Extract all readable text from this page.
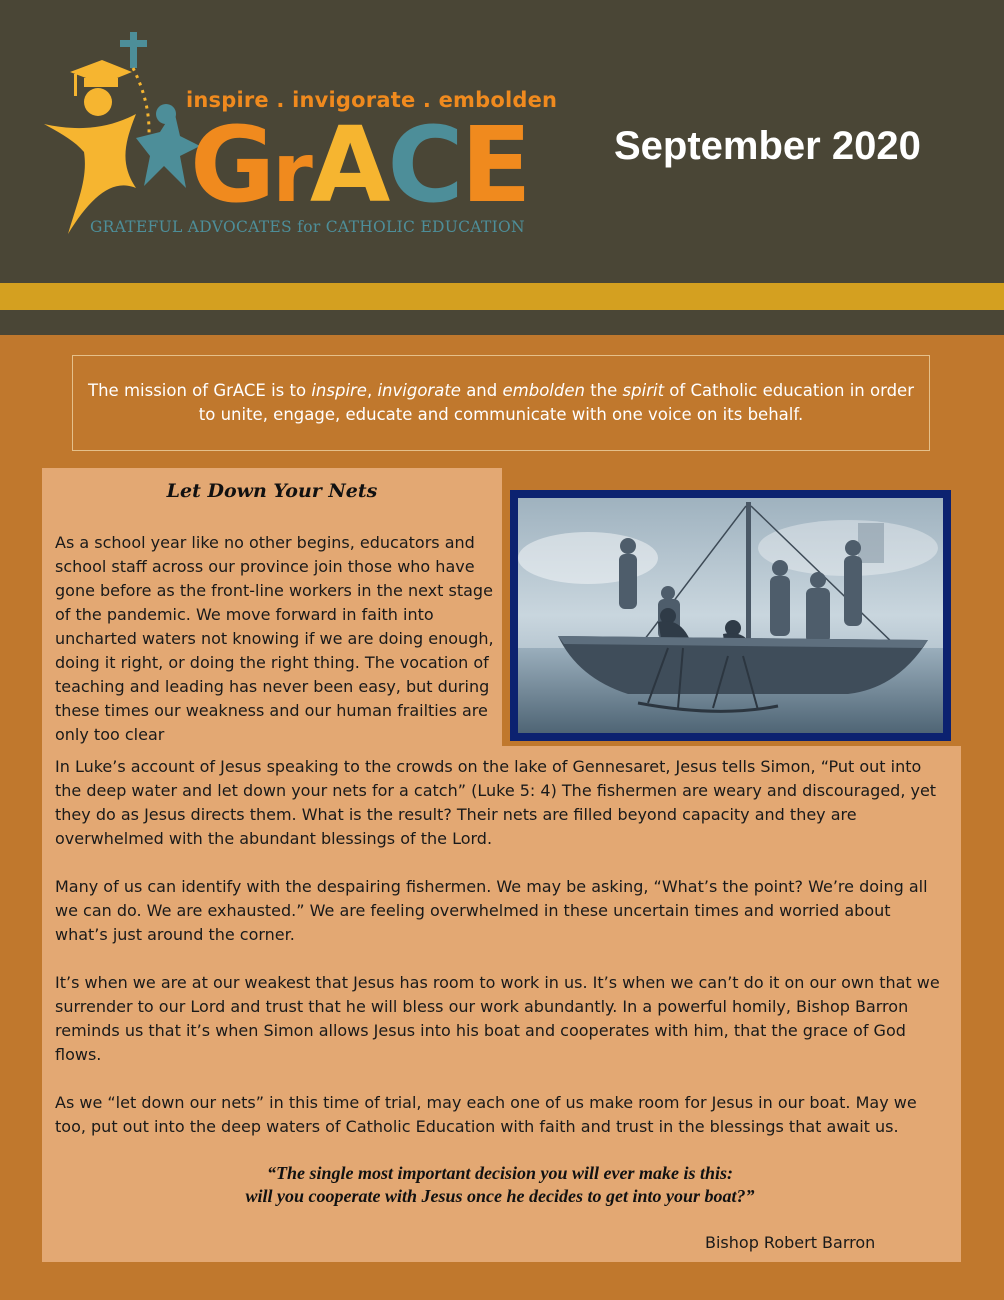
inspire . invigorate . embolden
GrACE
GRATEFUL ADVOCATES for CATHOLIC EDUCATION
September 2020

The mission of GrACE is to inspire, invigorate and embolden the spirit of Catholic education in order to unite, engage, educate and communicate with one voice on its behalf.

Let Down Your Nets

As a school year like no other begins, educators and school staff across our province join those who have gone before as the front-line workers in the next stage of the pandemic. We move forward in faith into uncharted waters not knowing if we are doing enough, doing it right, or doing the right thing. The vocation of teaching and leading has never been easy, but during these times our weakness and our human frailties are only too clear

In Luke’s account of Jesus speaking to the crowds on the lake of Gennesaret, Jesus tells Simon, “Put out into the deep water and let down your nets for a catch” (Luke 5: 4) The fishermen are weary and discouraged, yet they do as Jesus directs them. What is the result? Their nets are filled beyond capacity and they are overwhelmed with the abundant blessings of the Lord.

Many of us can identify with the despairing fishermen. We may be asking, “What’s the point? We’re doing all we can do. We are exhausted.” We are feeling overwhelmed in these uncertain times and worried about what’s just around the corner.

It’s when we are at our weakest that Jesus has room to work in us. It’s when we can’t do it on our own that we surrender to our Lord and trust that he will bless our work abundantly. In a powerful homily, Bishop Barron reminds us that it’s when Simon allows Jesus into his boat and cooperates with him, that the grace of God flows.

As we “let down our nets” in this time of trial, may each one of us make room for Jesus in our boat. May we too, put out into the deep waters of Catholic Education with faith and trust in the blessings that await us.

“The single most important decision you will ever make is this:
will you cooperate with Jesus once he decides to get into your boat?”

Bishop Robert Barron
